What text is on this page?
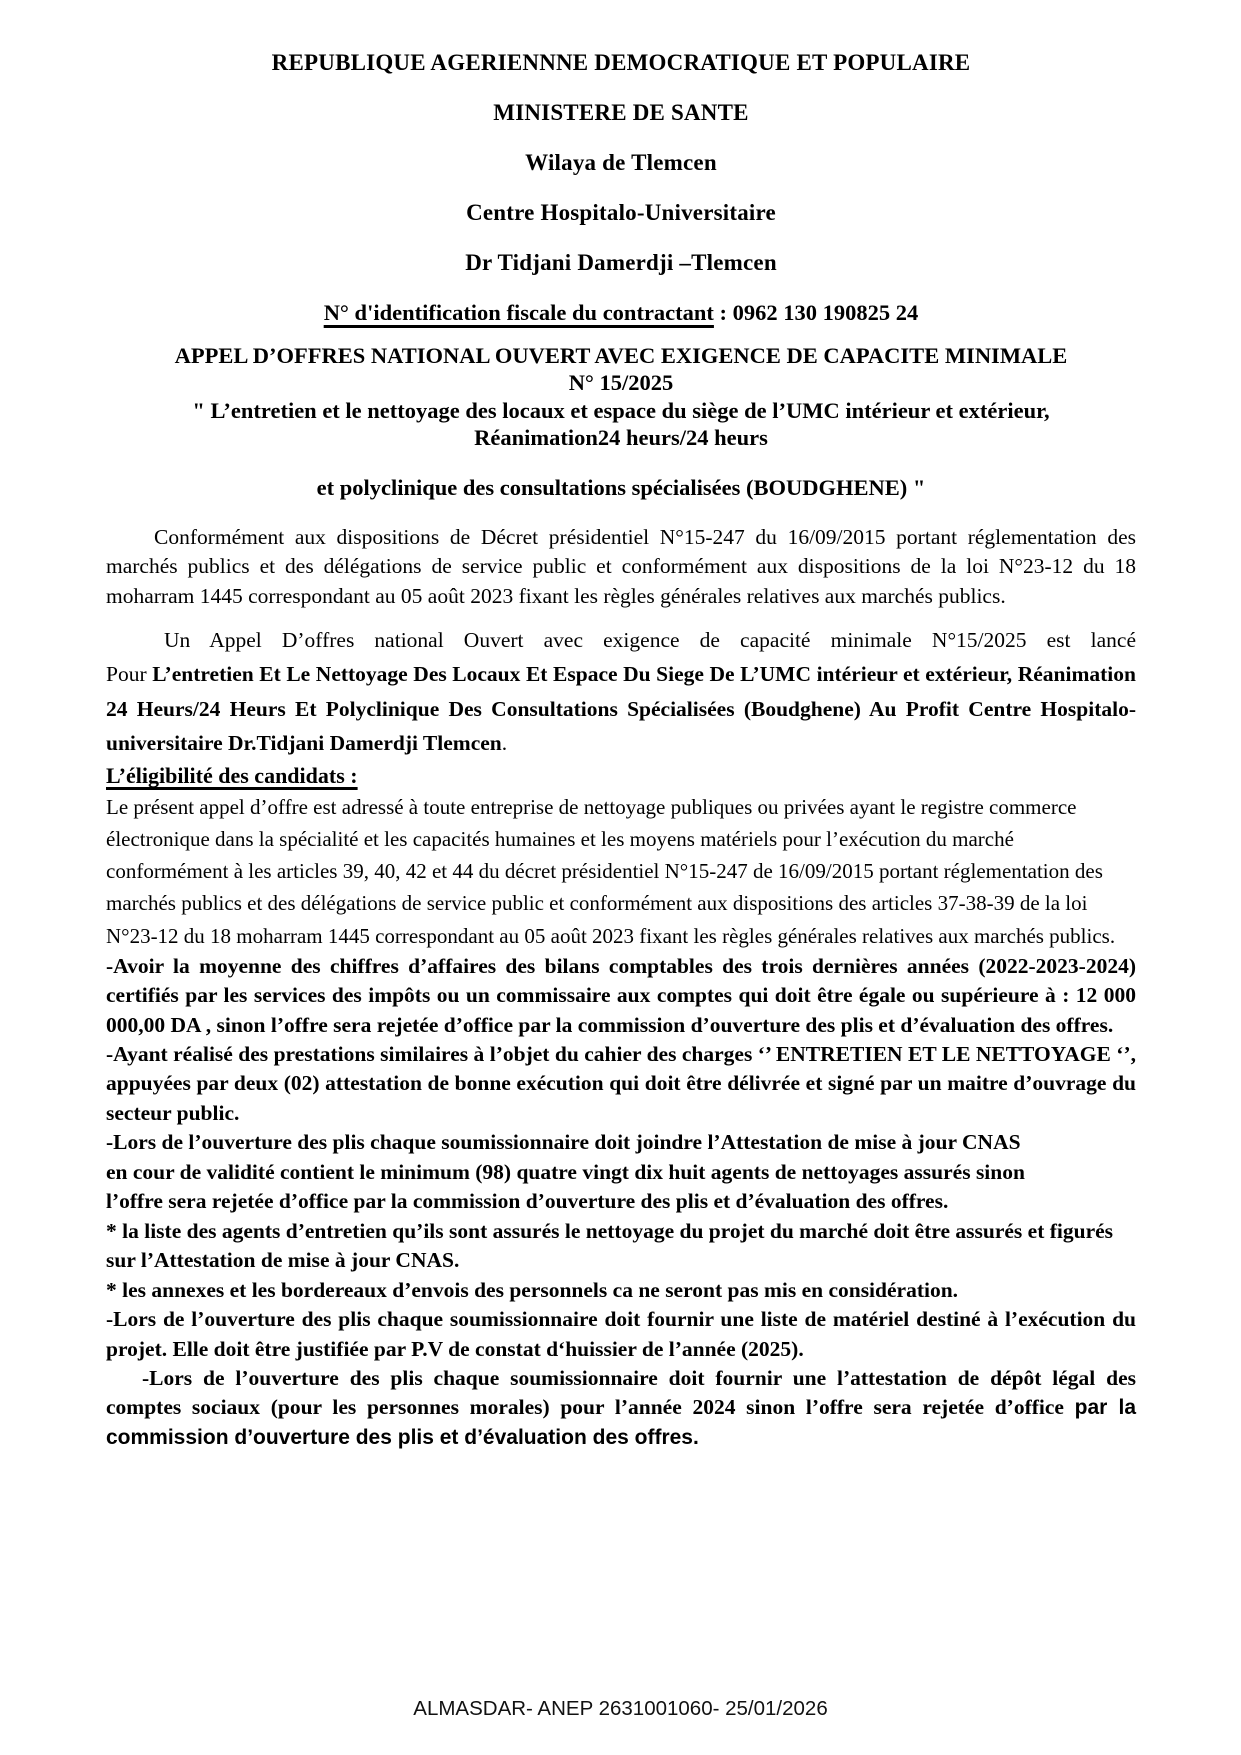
REPUBLIQUE AGERIENNNE DEMOCRATIQUE ET POPULAIRE
MINISTERE DE SANTE
Wilaya de Tlemcen
Centre Hospitalo-Universitaire
Dr Tidjani Damerdji –Tlemcen
N° d'identification fiscale du contractant : 0962 130 190825 24
APPEL D’OFFRES NATIONAL OUVERT AVEC EXIGENCE DE CAPACITE MINIMALE
N° 15/2025
" L’entretien et le nettoyage des locaux et espace du siège de l’UMC intérieur et extérieur,
Réanimation24 heurs/24 heurs
et polyclinique des consultations spécialisées (BOUDGHENE) "
Conformément aux dispositions de Décret présidentiel N°15-247 du 16/09/2015 portant réglementation des marchés publics et des délégations de service public et conformément aux dispositions de la loi N°23-12 du 18 moharram 1445 correspondant au 05 août 2023 fixant les règles générales relatives aux marchés publics.
Un Appel D’offres national Ouvert avec exigence de capacité minimale N°15/2025 est lancé
Pour L’entretien Et Le Nettoyage Des Locaux Et Espace Du Siege De L’UMC intérieur et extérieur, Réanimation 24 Heurs/24 Heurs Et Polyclinique Des Consultations Spécialisées (Boudghene) Au Profit Centre Hospitalo-universitaire Dr.Tidjani Damerdji Tlemcen.
L’éligibilité des candidats :
Le présent appel d’offre est adressé à toute entreprise de nettoyage publiques ou privées ayant le registre commerce électronique dans la spécialité et les capacités humaines et les moyens matériels pour l’exécution du marché conformément à les articles 39, 40, 42 et 44 du décret présidentiel N°15-247 de 16/09/2015 portant réglementation des marchés publics et des délégations de service public et conformément aux dispositions des articles 37-38-39 de la loi N°23-12 du 18 moharram 1445 correspondant au 05 août 2023 fixant les règles générales relatives aux marchés publics.
-Avoir la moyenne des chiffres d’affaires des bilans comptables des trois dernières années (2022-2023-2024) certifiés par les services des impôts ou un commissaire aux comptes qui doit être égale ou supérieure à : 12 000 000,00 DA , sinon l’offre sera rejetée d’office par la commission d’ouverture des plis et d’évaluation des offres.
-Ayant réalisé des prestations similaires à l’objet du cahier des charges ‘’ ENTRETIEN ET LE NETTOYAGE ‘’, appuyées par deux (02) attestation de bonne exécution qui doit être délivrée et signé par un maitre d’ouvrage du secteur public.
-Lors de l’ouverture des plis chaque soumissionnaire doit joindre l’Attestation de mise à jour CNAS
en cour de validité contient le minimum (98) quatre vingt dix huit agents de nettoyages assurés sinon
l’offre sera rejetée d’office par la commission d’ouverture des plis et d’évaluation des offres.
* la liste des agents d’entretien qu’ils sont assurés le nettoyage du projet du marché doit être assurés et figurés sur l’Attestation de mise à jour CNAS.
* les annexes et les bordereaux d’envois des personnels ca ne seront pas mis en considération.
-Lors de l’ouverture des plis chaque soumissionnaire doit fournir une liste de matériel destiné à l’exécution du projet. Elle doit être justifiée par P.V de constat d‘huissier de l’année (2025).
-Lors de l’ouverture des plis chaque soumissionnaire doit fournir une l’attestation de dépôt légal des comptes sociaux (pour les personnes morales) pour l’année 2024 sinon l’offre sera rejetée d’office par la commission d’ouverture des plis et d’évaluation des offres.
ALMASDAR- ANEP 2631001060- 25/01/2026
